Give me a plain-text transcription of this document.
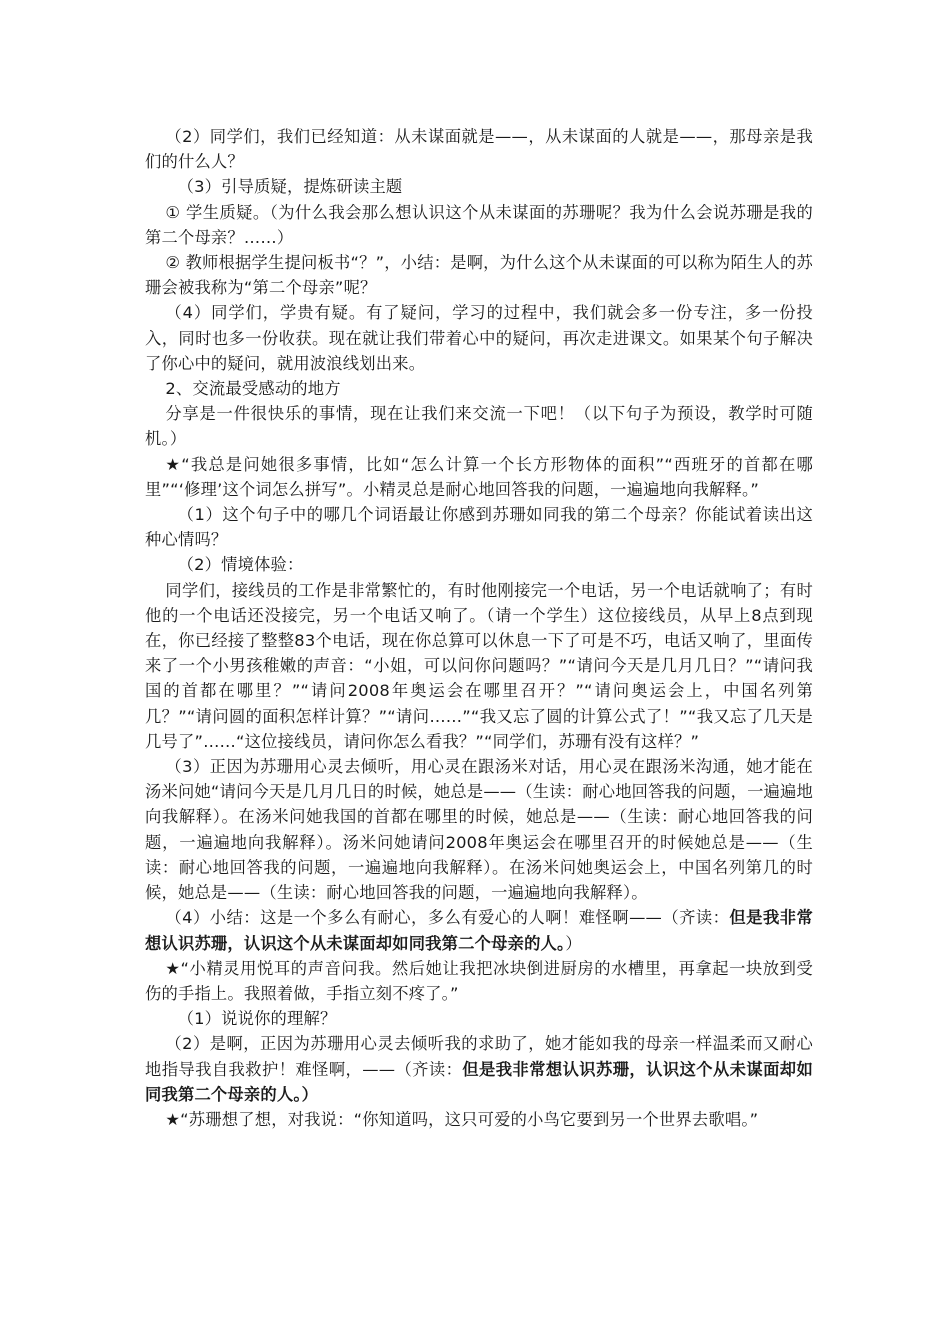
（2）同学们，我们已经知道：从未谋面就是——，从未谋面的人就是——，那母亲是我们的什么人？

（3）引导质疑，提炼研读主题

① 学生质疑。（为什么我会那么想认识这个从未谋面的苏珊呢？我为什么会说苏珊是我的第二个母亲？……）

② 教师根据学生提问板书“？”，小结：是啊，为什么这个从未谋面的可以称为陌生人的苏珊会被我称为“第二个母亲”呢？

（4）同学们，学贵有疑。有了疑问，学习的过程中，我们就会多一份专注，多一份投入，同时也多一份收获。现在就让我们带着心中的疑问，再次走进课文。如果某个句子解决了你心中的疑问，就用波浪线划出来。

2、交流最受感动的地方

分享是一件很快乐的事情，现在让我们来交流一下吧！（以下句子为预设，教学时可随机。）

★“我总是问她很多事情，比如“怎么计算一个长方形物体的面积”“西班牙的首都在哪里”“‘修理’这个词怎么拼写”。小精灵总是耐心地回答我的问题，一遍遍地向我解释。”

（1）这个句子中的哪几个词语最让你感到苏珊如同我的第二个母亲？你能试着读出这种心情吗？

（2）情境体验：

同学们，接线员的工作是非常繁忙的，有时他刚接完一个电话，另一个电话就响了；有时他的一个电话还没接完，另一个电话又响了。（请一个学生）这位接线员，从早上8点到现在，你已经接了整整83个电话，现在你总算可以休息一下了可是不巧，电话又响了，里面传来了一个小男孩稚嫩的声音：“小姐，可以问你问题吗？”“请问今天是几月几日？”“请问我国的首都在哪里？”“请问2008年奥运会在哪里召开？”“请问奥运会上，中国名列第几？”“请问圆的面积怎样计算？”“请问……”“我又忘了圆的计算公式了！”“我又忘了几天是几号了”……“这位接线员，请问你怎么看我？”“同学们，苏珊有没有这样？”

（3）正因为苏珊用心灵去倾听，用心灵在跟汤米对话，用心灵在跟汤米沟通，她才能在汤米问她“请问今天是几月几日的时候，她总是——（生读：耐心地回答我的问题，一遍遍地向我解释）。在汤米问她我国的首都在哪里的时候，她总是——（生读：耐心地回答我的问题，一遍遍地向我解释）。汤米问她请问2008年奥运会在哪里召开的时候她总是——（生读：耐心地回答我的问题，一遍遍地向我解释）。在汤米问她奥运会上，中国名列第几的时候，她总是——（生读：耐心地回答我的问题，一遍遍地向我解释）。

（4）小结：这是一个多么有耐心，多么有爱心的人啊！难怪啊——（齐读：但是我非常想认识苏珊，认识这个从未谋面却如同我第二个母亲的人。）

★“小精灵用悦耳的声音问我。然后她让我把冰块倒进厨房的水槽里，再拿起一块放到受伤的手指上。我照着做，手指立刻不疼了。”

（1）说说你的理解？

（2）是啊，正因为苏珊用心灵去倾听我的求助了，她才能如我的母亲一样温柔而又耐心地指导我自我救护！难怪啊，——（齐读：但是我非常想认识苏珊，认识这个从未谋面却如同我第二个母亲的人。）

★“苏珊想了想，对我说：“你知道吗，这只可爱的小鸟它要到另一个世界去歌唱。”
